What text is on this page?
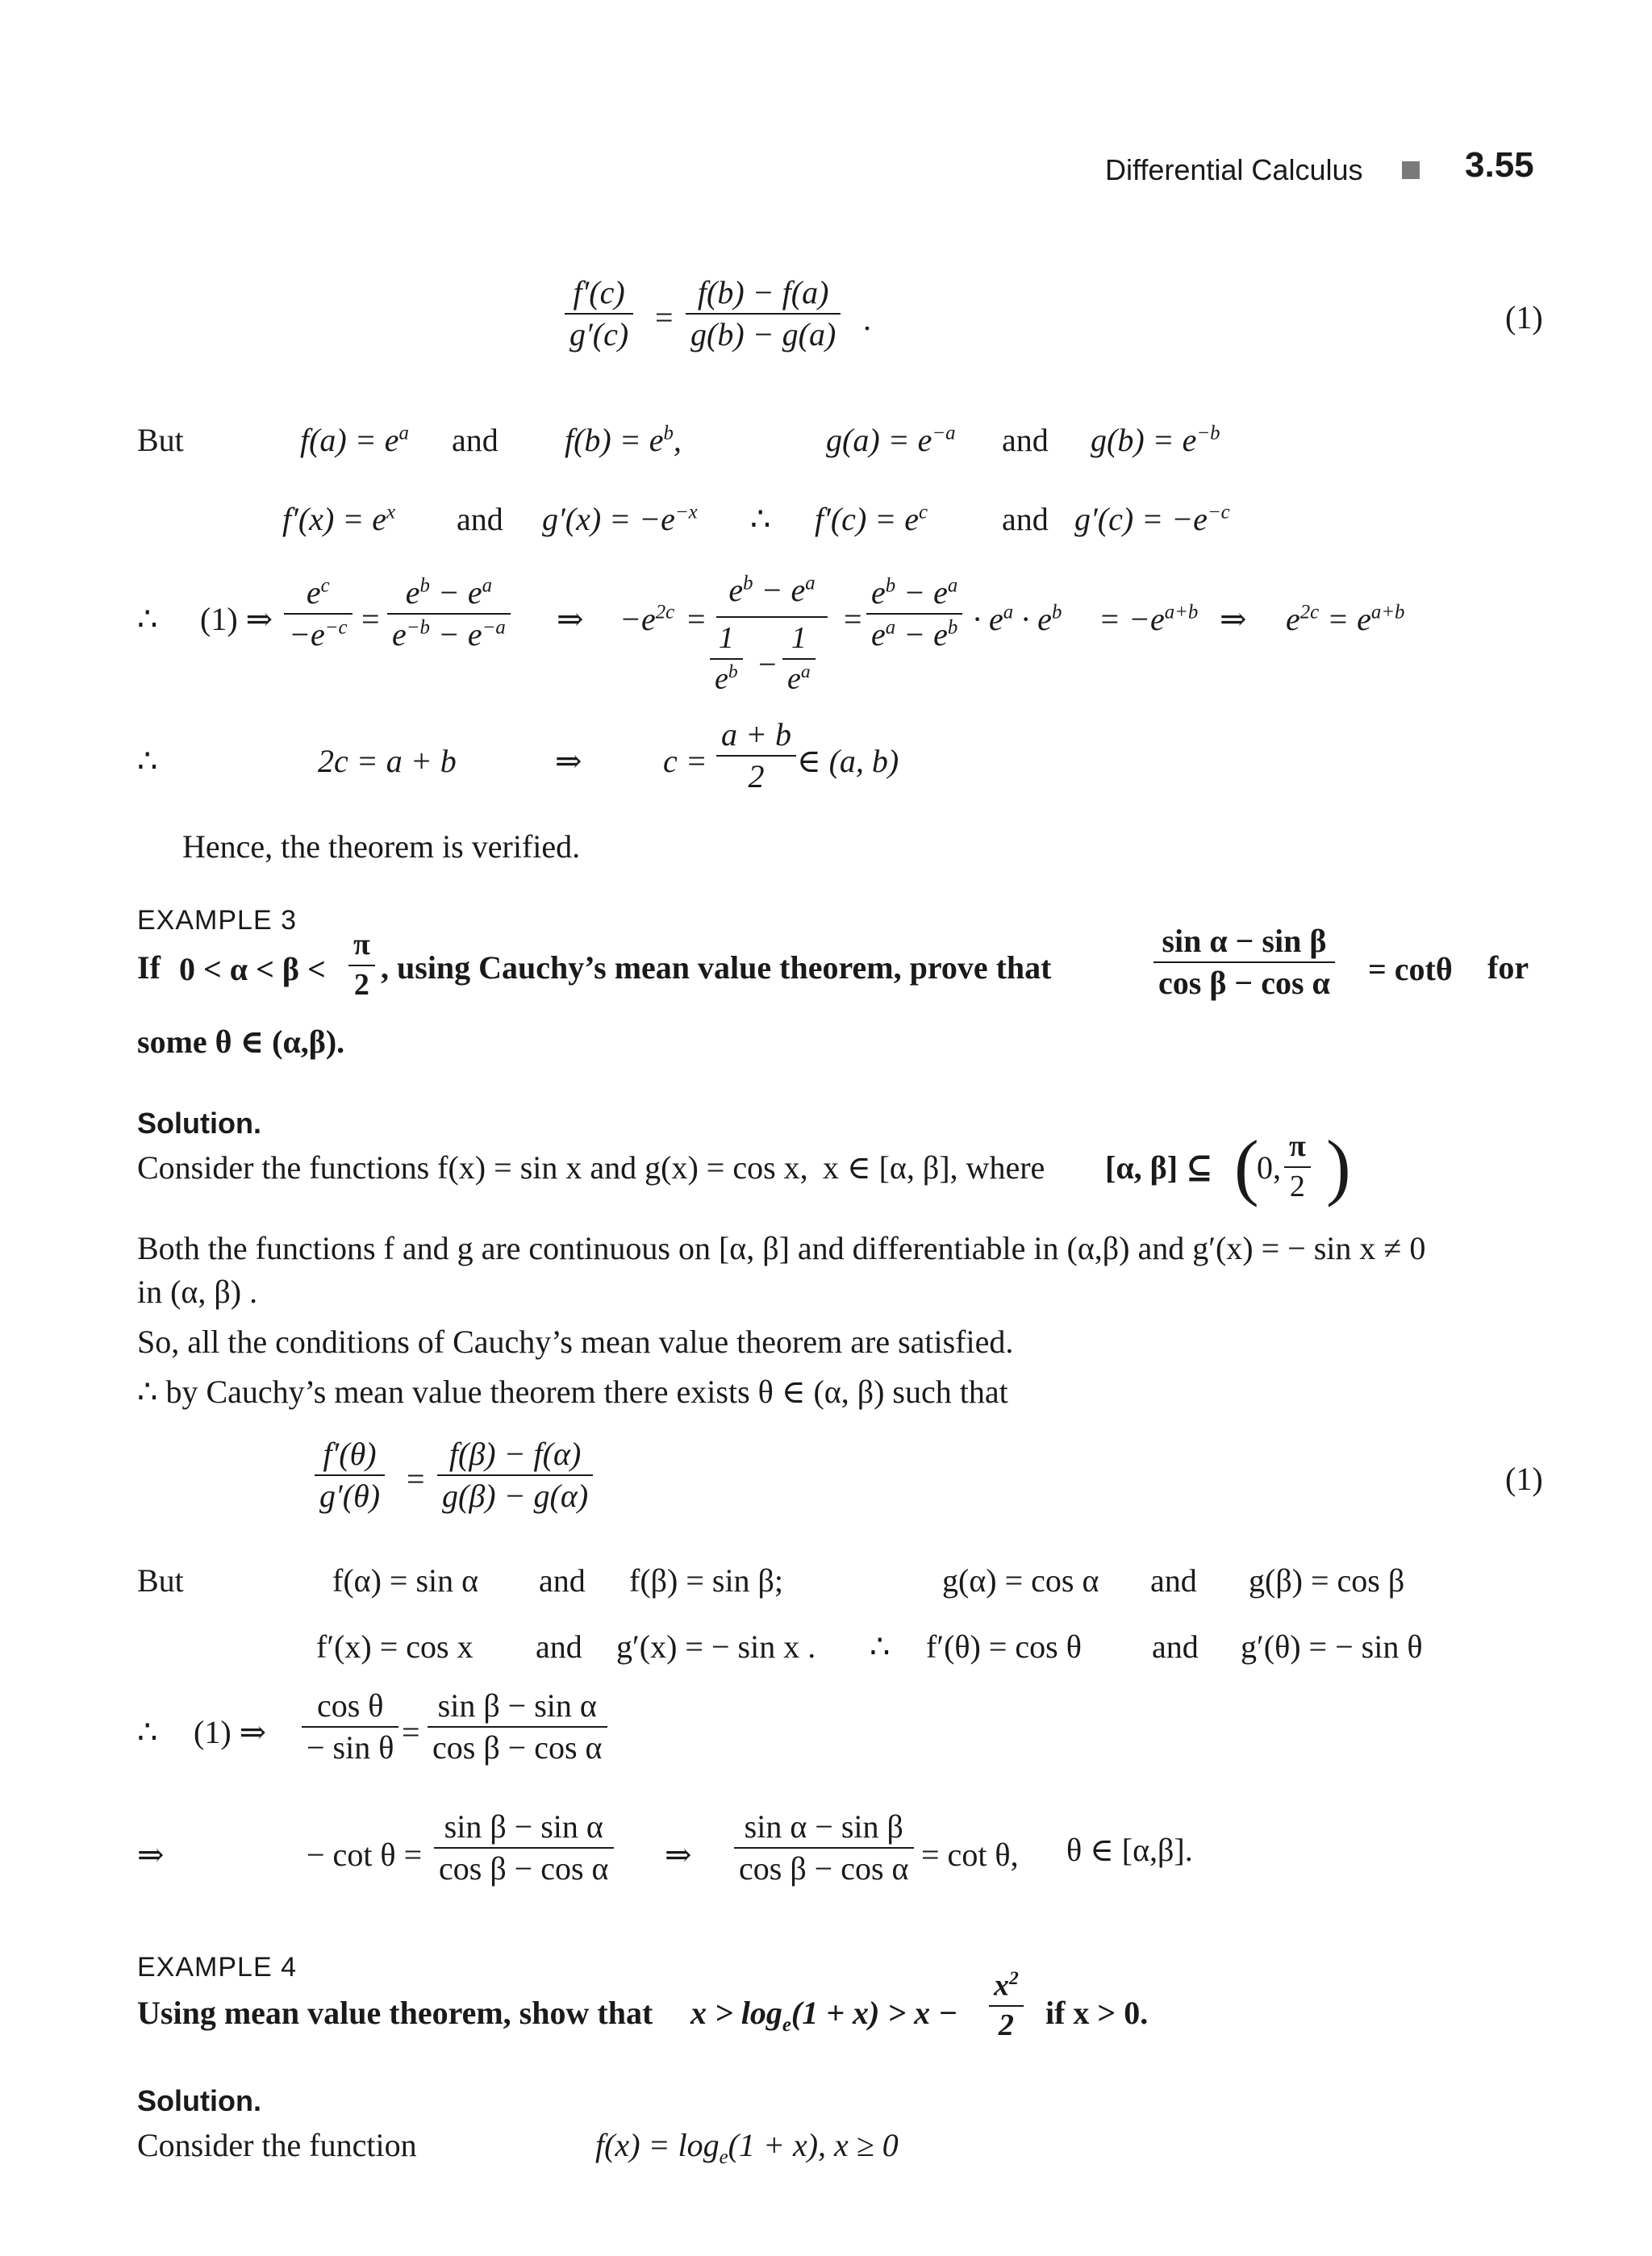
Differential Calculus	3.55
f′(c)
g′(c) =
f(b) − f(a)
g(b) − g(a) .	(1)
But	$f(a) = e^a$ and $f(b) = e^b$,	$g(a) = e^{-a}$ and $g(b) = e^{-b}$
$f'(x) = e^x$ and $g'(x) = -e^{-x}$ ∴ $f'(c) = e^c$ and $g'(c) = -e^{-c}$
∴ (1) ⇒
$e^c$
$-e^{-c}$ =
$e^b - e^a$
$e^{-b} - e^{-a}$ ⇒ $-e^{2c}$ =
$e^b - e^a$
1
$e^b$ −
1
$e^a$
=
$e^b - e^a$
$e^a - e^b \cdot e^a \cdot e^b = -e^{a+b}$ ⇒ $e^{2c} = e^{a+b}$
∴	2c = a + b	⇒	c =
a + b
2 ∈ (a, b)
Hence, the theorem is verified.
EXAMPLE 3
If 0 < α < β <
π
2 , using Cauchy’s mean value theorem, prove that
sin α − sin β
cos β − cos α = cotθ for
some θ ∈ (α,β).
Solution.
Consider the functions f(x) = sin x and g(x) = cos x, x ∈ [α, β], where [α, β] ⊆ (
0,
π
2 )
Both the functions f and g are continuous on [α, β] and differentiable in (α,β) and g′(x) = − sin x ≠ 0
in (α, β) .
So, all the conditions of Cauchy’s mean value theorem are satisfied.
∴ by Cauchy’s mean value theorem there exists θ ∈ (α, β) such that
f′(θ)
g′(θ) =
f(β) − f(α)
g(β) − g(α)	(1)
But	f(α) = sin α and f(β) = sin β;	g(α) = cos α and g(β) = cos β
f′(x) = cos x and g′(x) = − sin x . ∴ f′(θ) = cos θ and g′(θ) = − sin θ
∴ (1) ⇒
cos θ
− sin θ =
sin β − sin α
cos β − cos α
⇒	− cot θ =
sin β − sin α
cos β − cos α ⇒
sin α − sin β
cos β − cos α = cot θ, θ ∈ [α,β].
EXAMPLE 4
Using mean value theorem, show that $x > \log_e(1 + x) > x$ −
$x^2$
2 if x > 0.
Solution.
Consider the function	$f(x) = \log_e(1 + x)$, x ≥ 0
